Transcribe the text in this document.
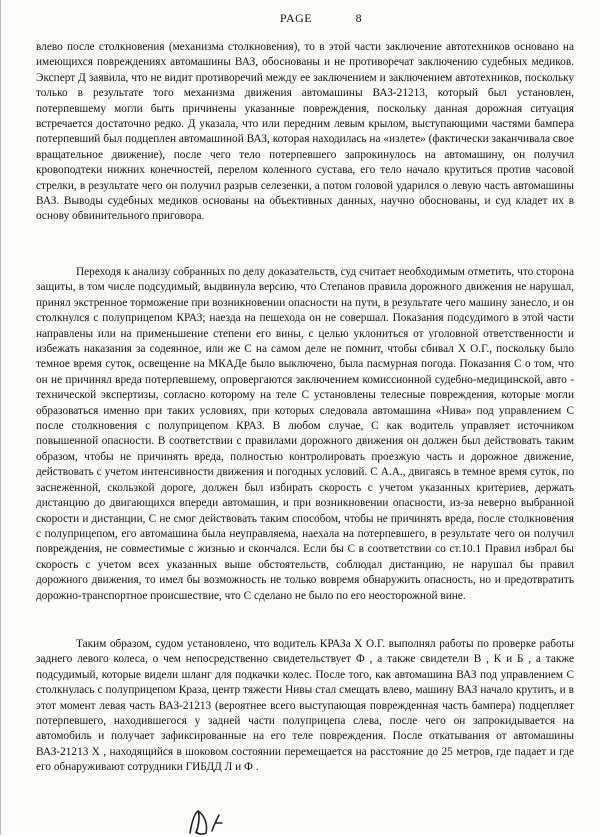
PAGE	8

влево после столкновения (механизма столкновения), то в этой части заключение автотехников основано на имеющихся повреждениях автомашины ВАЗ, обоснованы и не противоречат заключению судебных медиков. Эксперт Д заявила, что не видит противоречий между ее заключением и заключением автотехников, поскольку только в результате того механизма движения автомашины ВАЗ-21213, который был установлен, потерпевшему могли быть причинены указанные повреждения, поскольку данная дорожная ситуация встречается достаточно редко. Д указала, что или передним левым крылом, выступающими частями бампера потерпевший был подцеплен автомашиной ВАЗ, которая находилась на «излете» (фактически заканчивала свое вращательное движение), после чего тело потерпевшего запрокинулось на автомашину, он получил кровоподтеки нижних конечностей, перелом коленного сустава, его тело начало крутиться против часовой стрелки, в результате чего он получил разрыв селезенки, а потом головой ударился о левую часть автомашины ВАЗ. Выводы судебных медиков основаны на объективных данных, научно обоснованы, и суд кладет их в основу обвинительного приговора.

Переходя к анализу собранных по делу доказательств, суд считает необходимым отметить, что сторона защиты, в том числе подсудимый, выдвинула версию, что Степанов правила дорожного движения не нарушал, принял экстренное торможение при возникновении опасности на пути, в результате чего машину занесло, и он столкнулся с полуприцепом КРАЗ; наезда на пешехода он не совершал. Показания подсудимого в этой части направлены или на применьшение степени его вины, с целью уклониться от уголовной ответственности и избежать наказания за содеянное, или же С на самом деле не помнит, чтобы сбивал Х О.Г., поскольку было темное время суток, освещение на МКАДе было выключено, была пасмурная погода. Показания С о том, что он не причинял вреда потерпевшему, опровергаются заключением комиссионной судебно-медицинской, авто - технической экспертизы, согласно которому на теле С установлены телесные повреждения, которые могли образоваться именно при таких условиях, при которых следовала автомашина «Нива» под управлением С после столкновения с полуприцепом КРАЗ. В любом случае, С как водитель управляет источником повышенной опасности. В соответствии с правилами дорожного движения он должен был действовать таким образом, чтобы не причинять вреда, полностью контролировать проезжую часть и дорожное движение, действовать с учетом интенсивности движения и погодных условий. С А.А., двигаясь в темное время суток, по заснеженной, скользкой дороге, должен был избирать скорость с учетом указанных критериев, держать дистанцию до двигающихся впереди автомашин, и при возникновении опасности, из-за неверно выбранной скорости и дистанции, С не смог действовать таким способом, чтобы не причинять вреда, после столкновения с полуприцепом, его автомашина была неуправляема, наехала на потерпевшего, в результате чего он получил повреждения, не совместимые с жизнью и скончался. Если бы С в соответствии со ст.10.1 Правил избрал бы скорость с учетом всех указанных выше обстоятельств, соблюдал дистанцию, не нарушал бы правил дорожного движения, то имел бы возможность не только вовремя обнаружить опасность, но и предотвратить дорожно-транспортное происшествие, что С сделано не было по его неосторожной вине.

Таким образом, судом установлено, что водитель КРАЗа Х О.Г. выполнял работы по проверке работы заднего левого колеса, о чем непосредственно свидетельствует Ф , а также свидетели В , К и Б , а также подсудимый, которые видели шланг для подкачки колес. После того, как автомашина ВАЗ под управлением С столкнулась с полуприцепом Краза, центр тяжести Нивы стал смещать влево, машину ВАЗ начало крутить, и в этот момент левая часть ВАЗ-21213 (вероятнее всего выступающая поврежденная часть бампера) подцепляет потерпевшего, находившегося у задней части полуприцепа слева, после чего он запрокидывается на автомобиль и получает зафиксированные на его теле повреждения. После откатывания от автомашины ВАЗ-21213 Х , находящийся в шоковом состоянии перемещается на расстояние до 25 метров, где падает и где его обнаруживают сотрудники ГИБДД Л и Ф .
